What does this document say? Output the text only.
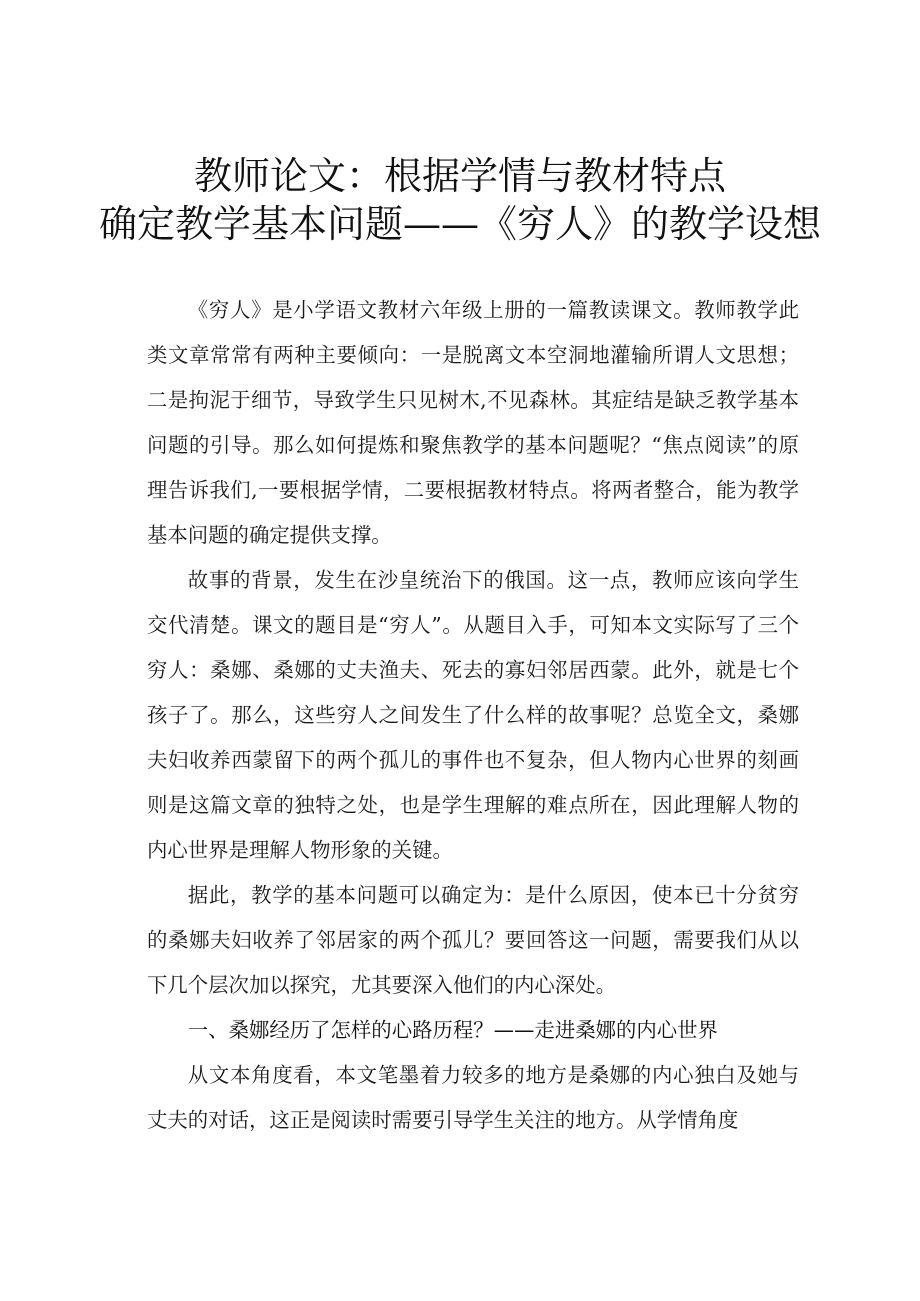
教师论文：根据学情与教材特点
确定教学基本问题——《穷人》的教学设想

《穷人》是小学语文教材六年级上册的一篇教读课文。教师教学此类文章常常有两种主要倾向：一是脱离文本空洞地灌输所谓人文思想；二是拘泥于细节，导致学生只见树木,不见森林。其症结是缺乏教学基本问题的引导。那么如何提炼和聚焦教学的基本问题呢？“焦点阅读”的原理告诉我们,一要根据学情，二要根据教材特点。将两者整合，能为教学基本问题的确定提供支撑。

故事的背景，发生在沙皇统治下的俄国。这一点，教师应该向学生交代清楚。课文的题目是“穷人”。从题目入手，可知本文实际写了三个穷人：桑娜、桑娜的丈夫渔夫、死去的寡妇邻居西蒙。此外，就是七个孩子了。那么，这些穷人之间发生了什么样的故事呢？总览全文，桑娜夫妇收养西蒙留下的两个孤儿的事件也不复杂，但人物内心世界的刻画则是这篇文章的独特之处，也是学生理解的难点所在，因此理解人物的内心世界是理解人物形象的关键。

据此，教学的基本问题可以确定为：是什么原因，使本已十分贫穷的桑娜夫妇收养了邻居家的两个孤儿？要回答这一问题，需要我们从以下几个层次加以探究，尤其要深入他们的内心深处。

一、桑娜经历了怎样的心路历程？——走进桑娜的内心世界

从文本角度看，本文笔墨着力较多的地方是桑娜的内心独白及她与丈夫的对话，这正是阅读时需要引导学生关注的地方。从学情角度
